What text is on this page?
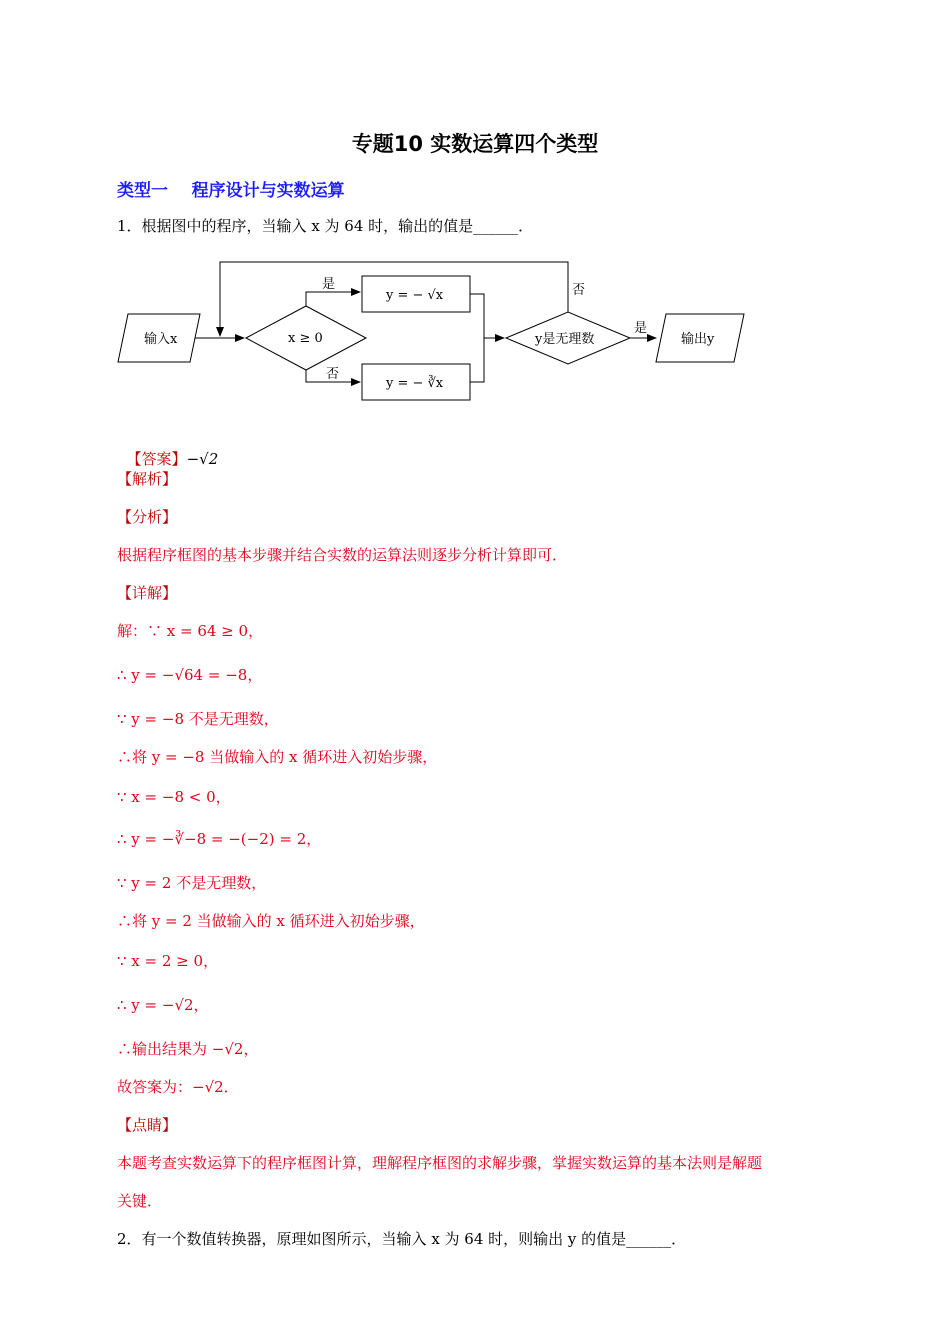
专题10 实数运算四个类型
类型一    程序设计与实数运算
1．根据图中的程序，当输入 x 为 64 时，输出的值是______．
输入x	x ≥ 0
是
y = − √x
否
y = − ∛x
y是无理数
否
是
输出y

【答案】−√2

【解析】
【分析】
根据程序框图的基本步骤并结合实数的运算法则逐步分析计算即可．
【详解】
解：∵ x = 64 ≥ 0，
∴ y = −√64 = −8，
∵ y = −8 不是无理数，
∴将 y = −8 当做输入的 x 循环进入初始步骤，
∵ x = −8 < 0，
∴ y = −∛−8 = −(−2) = 2，
∵ y = 2 不是无理数，
∴将 y = 2 当做输入的 x 循环进入初始步骤，
∵ x = 2 ≥ 0，
∴ y = −√2，
∴输出结果为 −√2，
故答案为：−√2．
【点睛】
本题考查实数运算下的程序框图计算，理解程序框图的求解步骤，掌握实数运算的基本法则是解题
关键．
2．有一个数值转换器，原理如图所示，当输入 x 为 64 时，则输出 y 的值是______．
